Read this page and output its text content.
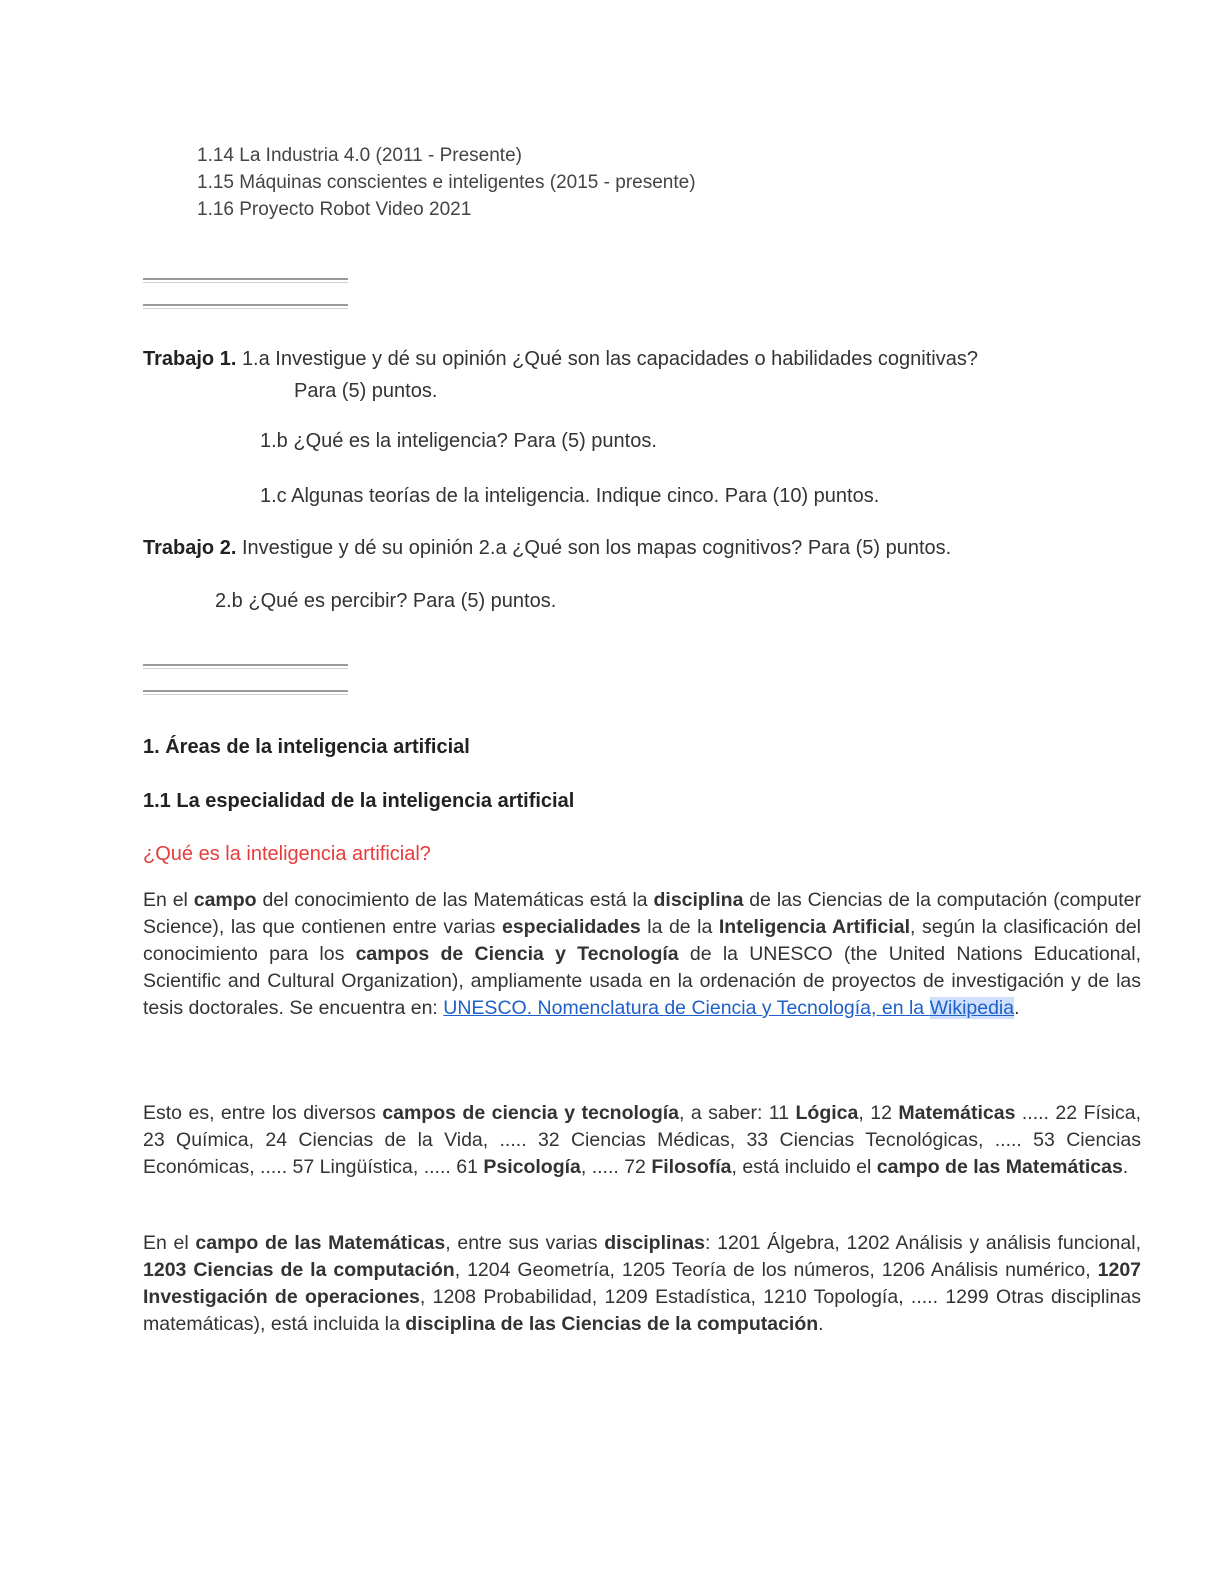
1.14 La Industria 4.0 (2011 - Presente)
1.15 Máquinas conscientes e inteligentes (2015 - presente)
1.16 Proyecto Robot Video 2021
Trabajo 1. 1.a Investigue y dé su opinión ¿Qué son las capacidades o habilidades cognitivas?
Para (5) puntos.
1.b ¿Qué es la inteligencia? Para (5) puntos.
1.c Algunas teorías de la inteligencia. Indique cinco. Para (10) puntos.
Trabajo 2. Investigue y dé su opinión 2.a ¿Qué son los mapas cognitivos? Para (5) puntos.
2.b ¿Qué es percibir? Para (5) puntos.
1. Áreas de la inteligencia artificial
1.1 La especialidad de la inteligencia artificial
¿Qué es la inteligencia artificial?
En el campo del conocimiento de las Matemáticas está la disciplina de las Ciencias de la computación (computer Science), las que contienen entre varias especialidades la de la Inteligencia Artificial, según la clasificación del conocimiento para los campos de Ciencia y Tecnología de la UNESCO (the United Nations Educational, Scientific and Cultural Organization), ampliamente usada en la ordenación de proyectos de investigación y de las tesis doctorales. Se encuentra en: UNESCO. Nomenclatura de Ciencia y Tecnología, en la Wikipedia.
Esto es, entre los diversos campos de ciencia y tecnología, a saber: 11 Lógica, 12 Matemáticas ..... 22 Física, 23 Química, 24 Ciencias de la Vida, ..... 32 Ciencias Médicas, 33 Ciencias Tecnológicas, ..... 53 Ciencias Económicas, ..... 57 Lingüística, ..... 61 Psicología, ..... 72 Filosofía, está incluido el campo de las Matemáticas.
En el campo de las Matemáticas, entre sus varias disciplinas: 1201 Álgebra, 1202 Análisis y análisis funcional, 1203 Ciencias de la computación, 1204 Geometría, 1205 Teoría de los números, 1206 Análisis numérico, 1207 Investigación de operaciones, 1208 Probabilidad, 1209 Estadística, 1210 Topología, ..... 1299 Otras disciplinas matemáticas), está incluida la disciplina de las Ciencias de la computación.
